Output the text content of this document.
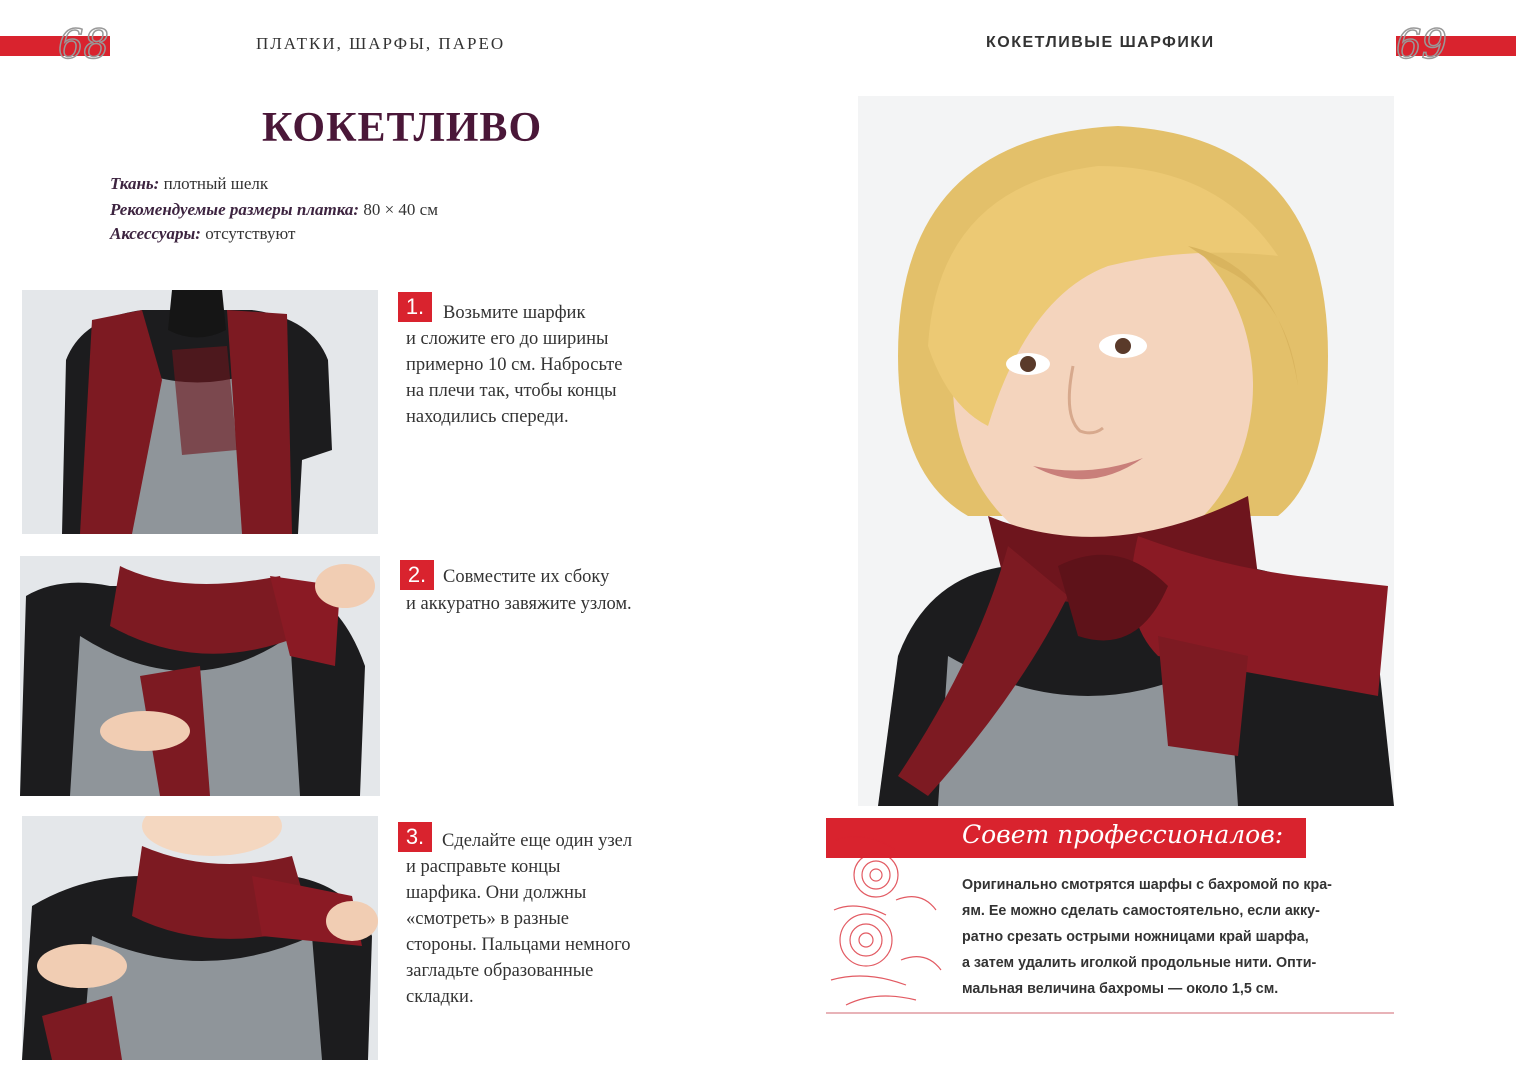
68	ПЛАТКИ, ШАРФЫ, ПАРЕО	КОКЕТЛИВЫЕ ШАРФИКИ	69
КОКЕТЛИВО
Ткань: плотный шелк
Рекомендуемые размеры платка: 80 × 40 см
Аксессуары: отсутствуют
1.	Возьмите шарфик
и сложите его до ширины
примерно 10 см. Набросьте
на плечи так, чтобы концы
находились спереди.
2. Совместите их сбоку
и аккуратно завяжите узлом.
3. Сделайте еще один узел
и расправьте концы
шарфика. Они должны
«смотреть» в разные
стороны. Пальцами немного
загладьте образованные
складки.
Совет профессионалов:
Оригинально смотрятся шарфы с бахромой по кра-
ям. Ее можно сделать самостоятельно, если акку-
ратно срезать острыми ножницами край шарфа,
а затем удалить иголкой продольные нити. Опти-
мальная величина бахромы — около 1,5 см.
